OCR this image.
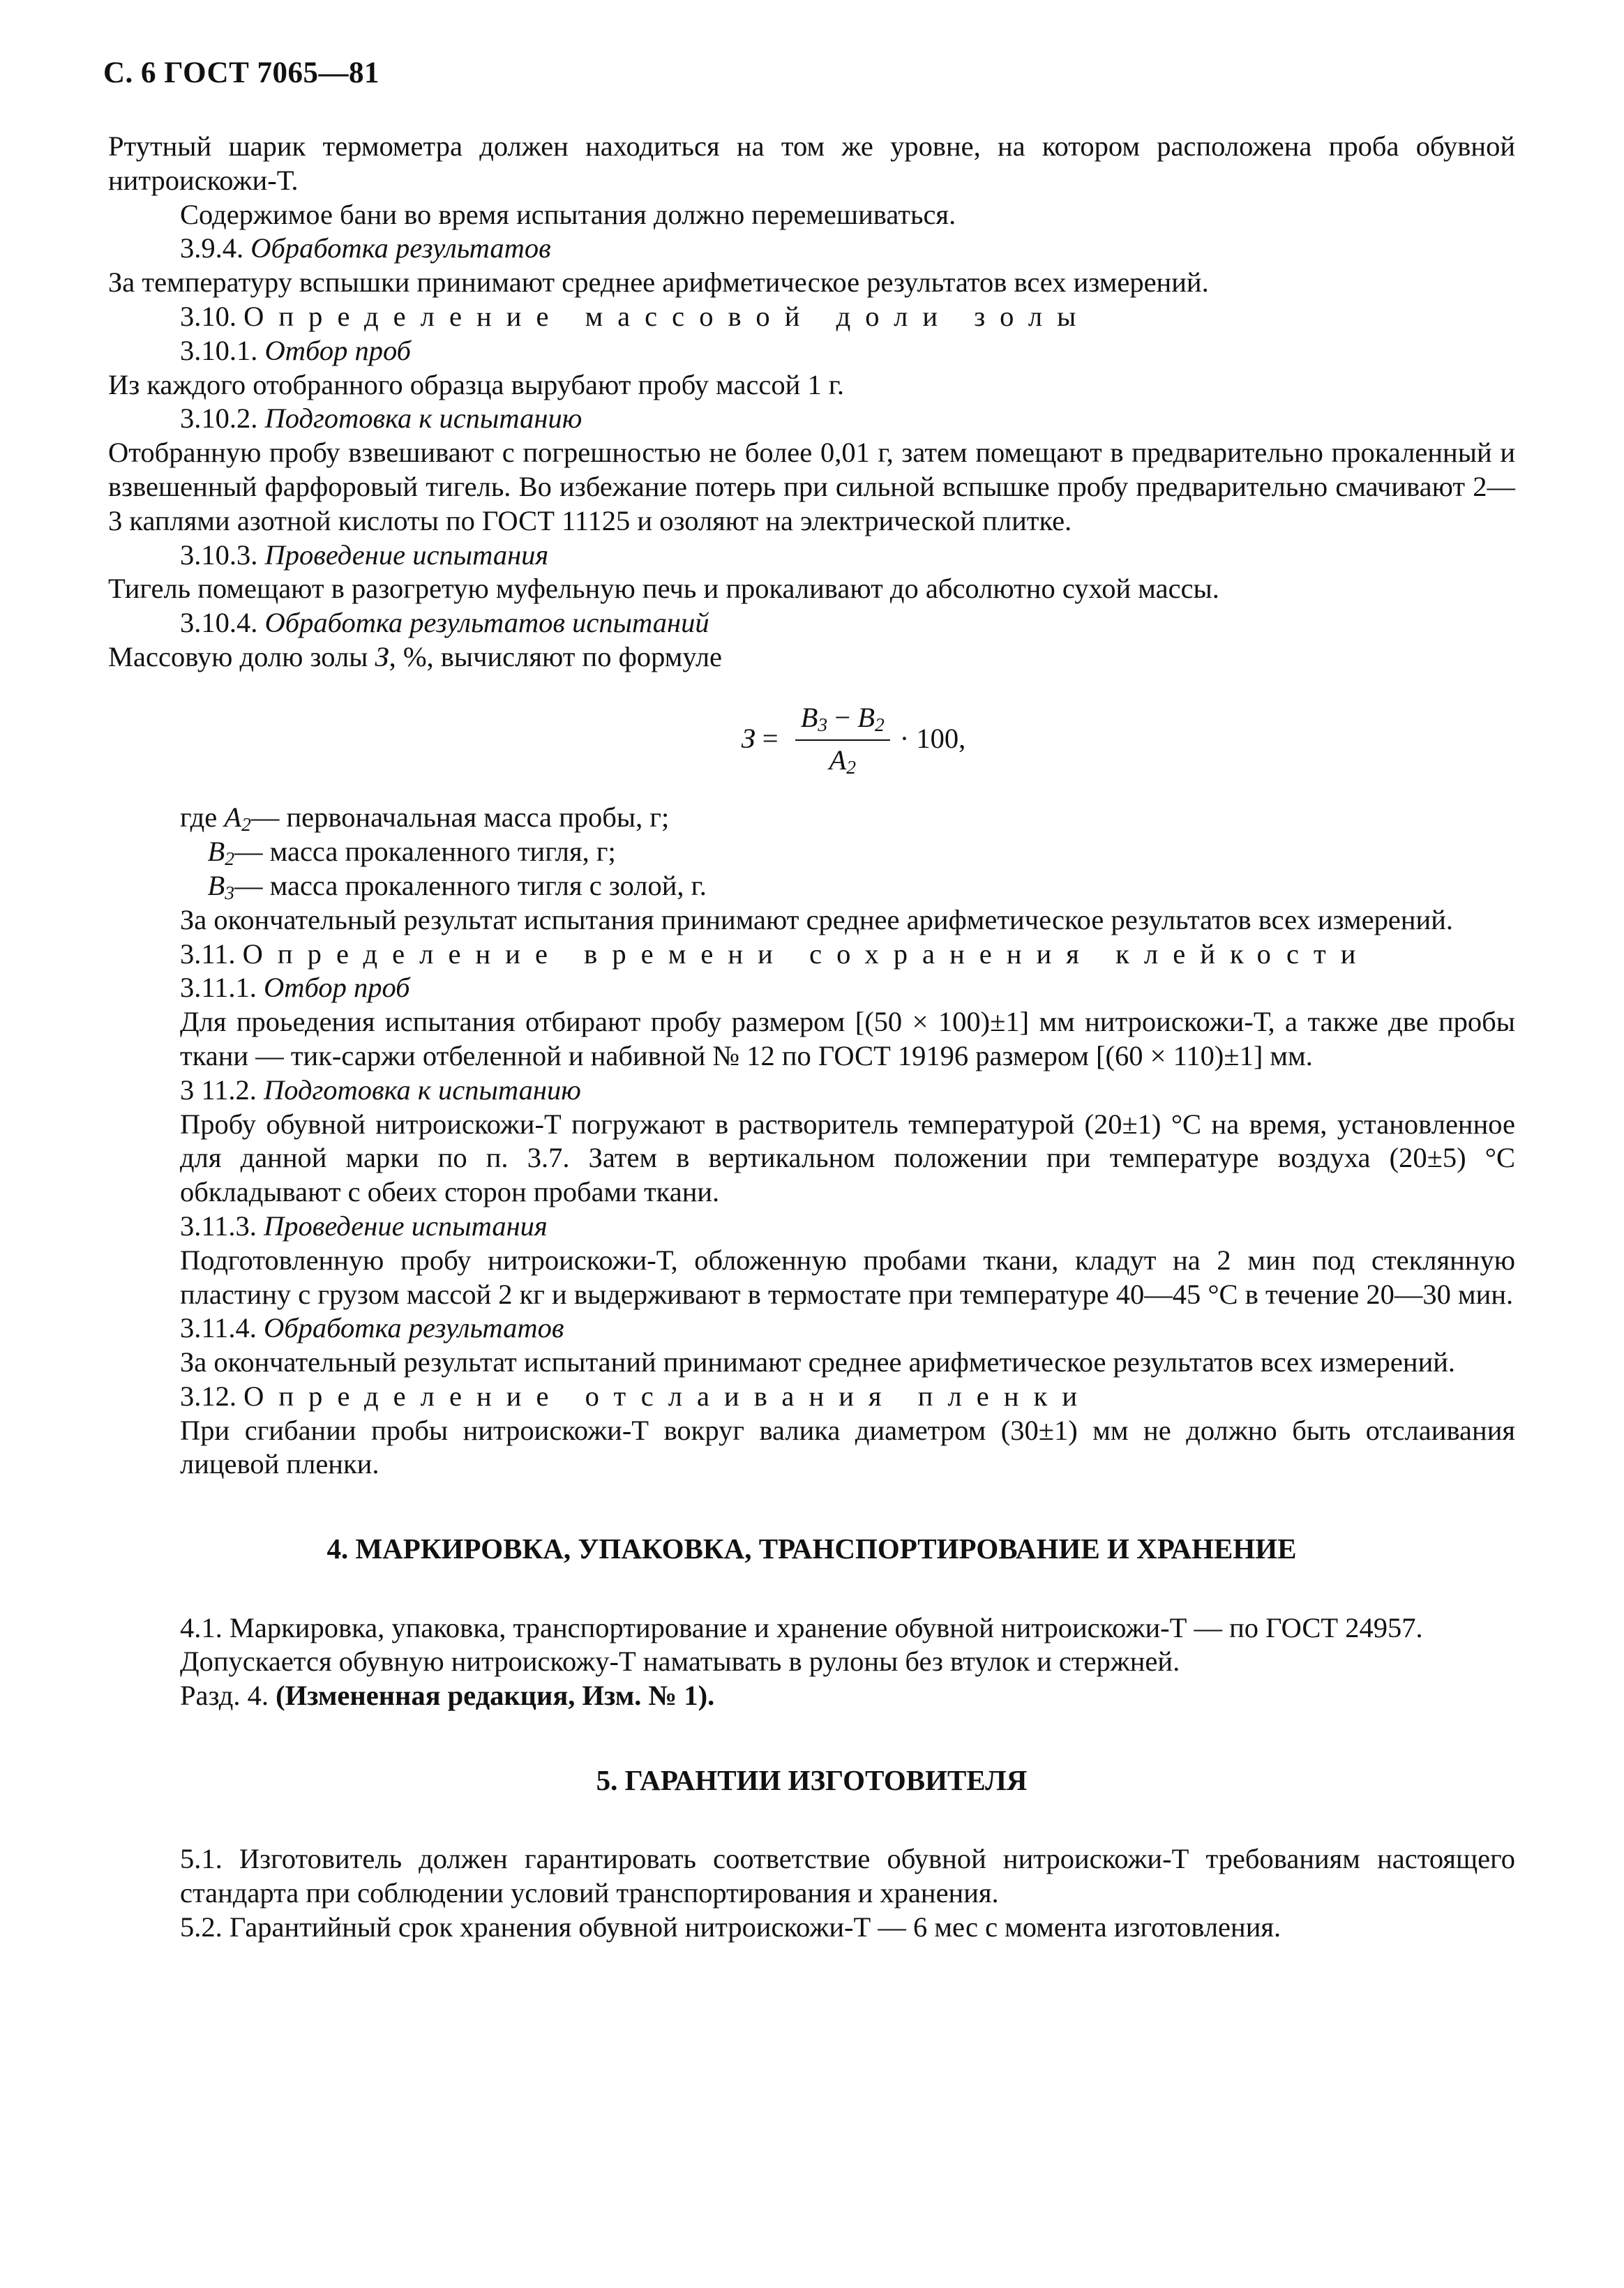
С. 6 ГОСТ 7065—81

Ртутный шарик термометра должен находиться на том же уровне, на котором расположена проба обувной нитроискожи-Т.

Содержимое бани во время испытания должно перемешиваться.

3.9.4. Обработка результатов

За температуру вспышки принимают среднее арифметическое результатов всех измерений.

3.10. Определение массовой доли золы

3.10.1. Отбор проб

Из каждого отобранного образца вырубают пробу массой 1 г.

3.10.2. Подготовка к испытанию

Отобранную пробу взвешивают с погрешностью не более 0,01 г, затем помещают в предварительно прокаленный и взвешенный фарфоровый тигель. Во избежание потерь при сильной вспышке пробу предварительно смачивают 2—3 каплями азотной кислоты по ГОСТ 11125 и озоляют на электрической плитке.

3.10.3. Проведение испытания

Тигель помещают в разогретую муфельную печь и прокаливают до абсолютно сухой массы.

3.10.4. Обработка результатов испытаний

Массовую долю золы З, %, вычисляют по формуле

$З = \frac{B_3 - B_2}{A_2} \cdot 100$,
где
$A_2$ — первоначальная масса пробы, г;
$B_2$ — масса прокаленного тигля, г;
$B_3$ — масса прокаленного тигля с золой, г.

За окончательный результат испытания принимают среднее арифметическое результатов всех измерений.

3.11. Определение времени сохранения клейкости

3.11.1. Отбор проб

Для проьедения испытания отбирают пробу размером [(50 × 100)±1] мм нитроискожи-Т, а также две пробы ткани — тик-саржи отбеленной и набивной № 12 по ГОСТ 19196 размером [(60 × 110)±1] мм.

3 11.2. Подготовка к испытанию

Пробу обувной нитроискожи-Т погружают в растворитель температурой (20±1) °С на время, установленное для данной марки по п. 3.7. Затем в вертикальном положении при температуре воздуха (20±5) °С обкладывают с обеих сторон пробами ткани.

3.11.3. Проведение испытания

Подготовленную пробу нитроискожи-Т, обложенную пробами ткани, кладут на 2 мин под стеклянную пластину с грузом массой 2 кг и выдерживают в термостате при температуре 40—45 °С в течение 20—30 мин.

3.11.4. Обработка результатов

За окончательный результат испытаний принимают среднее арифметическое результатов всех измерений.

3.12. Определение отслаивания пленки

При сгибании пробы нитроискожи-Т вокруг валика диаметром (30±1) мм не должно быть отслаивания лицевой пленки.

4. МАРКИРОВКА, УПАКОВКА, ТРАНСПОРТИРОВАНИЕ И ХРАНЕНИЕ

4.1. Маркировка, упаковка, транспортирование и хранение обувной нитроискожи-Т — по ГОСТ 24957.

Допускается обувную нитроискожу-Т наматывать в рулоны без втулок и стержней.

Разд. 4. (Измененная редакция, Изм. № 1).

5. ГАРАНТИИ ИЗГОТОВИТЕЛЯ

5.1. Изготовитель должен гарантировать соответствие обувной нитроискожи-Т требованиям настоящего стандарта при соблюдении условий транспортирования и хранения.

5.2. Гарантийный срок хранения обувной нитроискожи-Т — 6 мес с момента изготовления.
